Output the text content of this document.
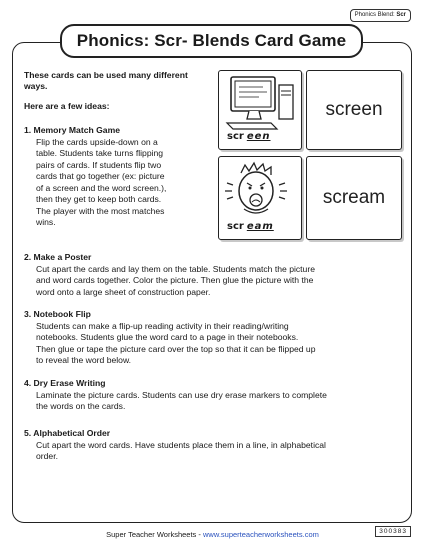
Phonics Blend: Scr
Phonics: Scr- Blends Card Game
These cards can be used many different ways.
Here are a few ideas:
1. Memory Match Game
Flip the cards upside-down on a
table. Students take turns flipping
pairs of cards. If students flip two
cards that go together (ex: picture
of a screen and the word screen.),
then they get to keep both cards.
The player with the most matches
wins.
2. Make a Poster
Cut apart the cards and lay them on the table. Students match the picture
and word cards together. Color the picture. Then glue the picture with the
word onto a large sheet of construction paper.
3. Notebook Flip
Students can make a flip-up reading activity in their reading/writing
notebooks. Students glue the word card to a page in their notebooks.
Then glue or tape the picture card over the top so that it can be flipped up
to reveal the word below.
4. Dry Erase Writing
Laminate the picture cards. Students can use dry erase markers to complete
the words on the cards.
5. Alphabetical Order
Cut apart the word cards. Have students place them in a line, in alphabetical
order.
scr een
screen
scr eam
scream
Super Teacher Worksheets - www.superteacherworksheets.com	300383
